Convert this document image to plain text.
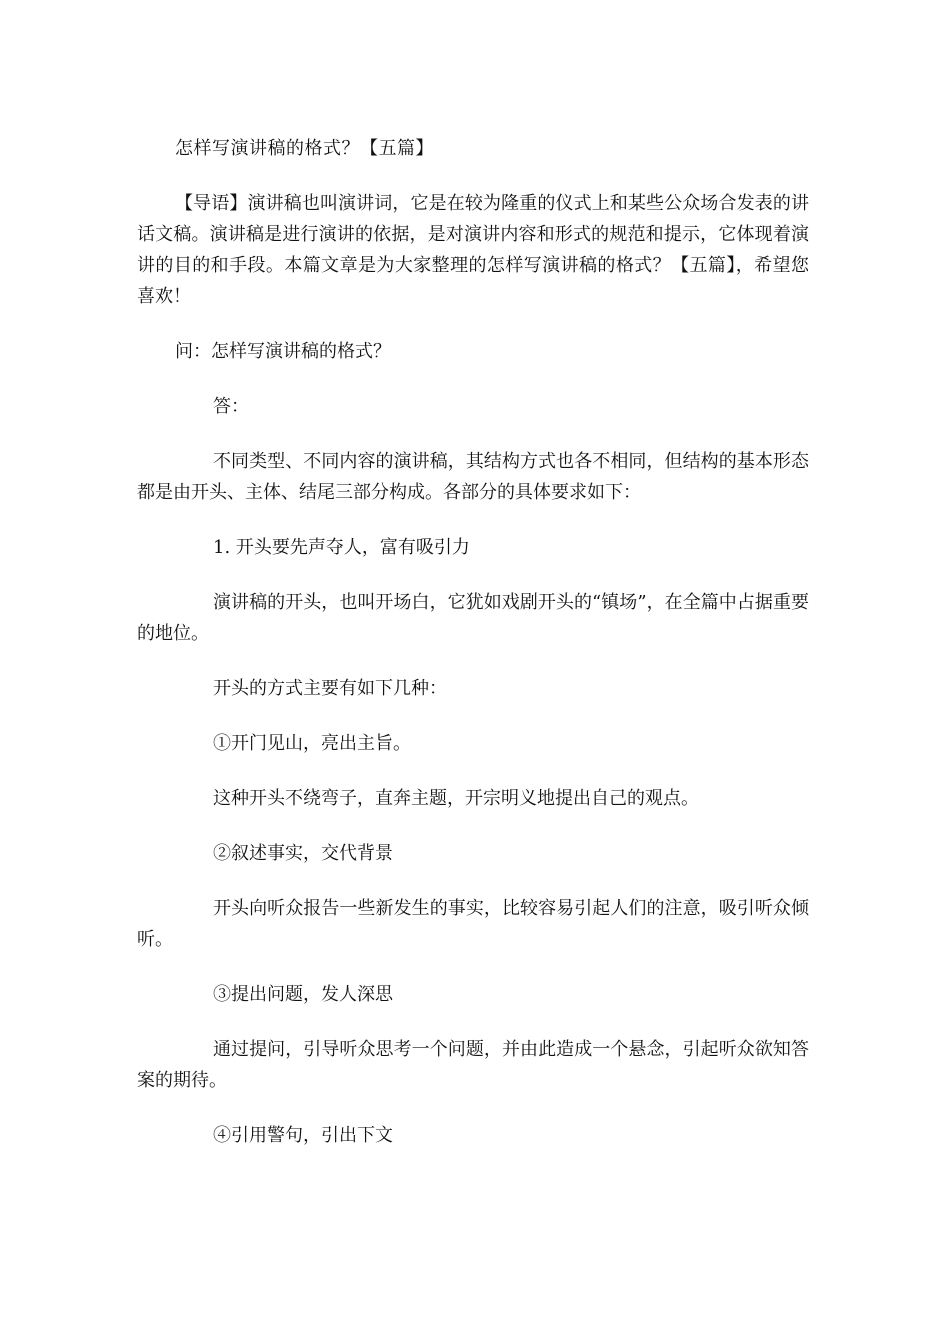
怎样写演讲稿的格式？【五篇】

【导语】演讲稿也叫演讲词，它是在较为隆重的仪式上和某些公众场合发表的讲话文稿。演讲稿是进行演讲的依据，是对演讲内容和形式的规范和提示，它体现着演讲的目的和手段。本篇文章是为大家整理的怎样写演讲稿的格式？【五篇】，希望您喜欢！

问：怎样写演讲稿的格式？

答：

不同类型、不同内容的演讲稿，其结构方式也各不相同，但结构的基本形态都是由开头、主体、结尾三部分构成。各部分的具体要求如下：

1. 开头要先声夺人，富有吸引力

演讲稿的开头，也叫开场白，它犹如戏剧开头的“镇场”，在全篇中占据重要的地位。

开头的方式主要有如下几种：

①开门见山，亮出主旨。

这种开头不绕弯子，直奔主题，开宗明义地提出自己的观点。

②叙述事实，交代背景

开头向听众报告一些新发生的事实，比较容易引起人们的注意，吸引听众倾听。

③提出问题，发人深思

通过提问，引导听众思考一个问题，并由此造成一个悬念，引起听众欲知答案的期待。

④引用警句，引出下文
